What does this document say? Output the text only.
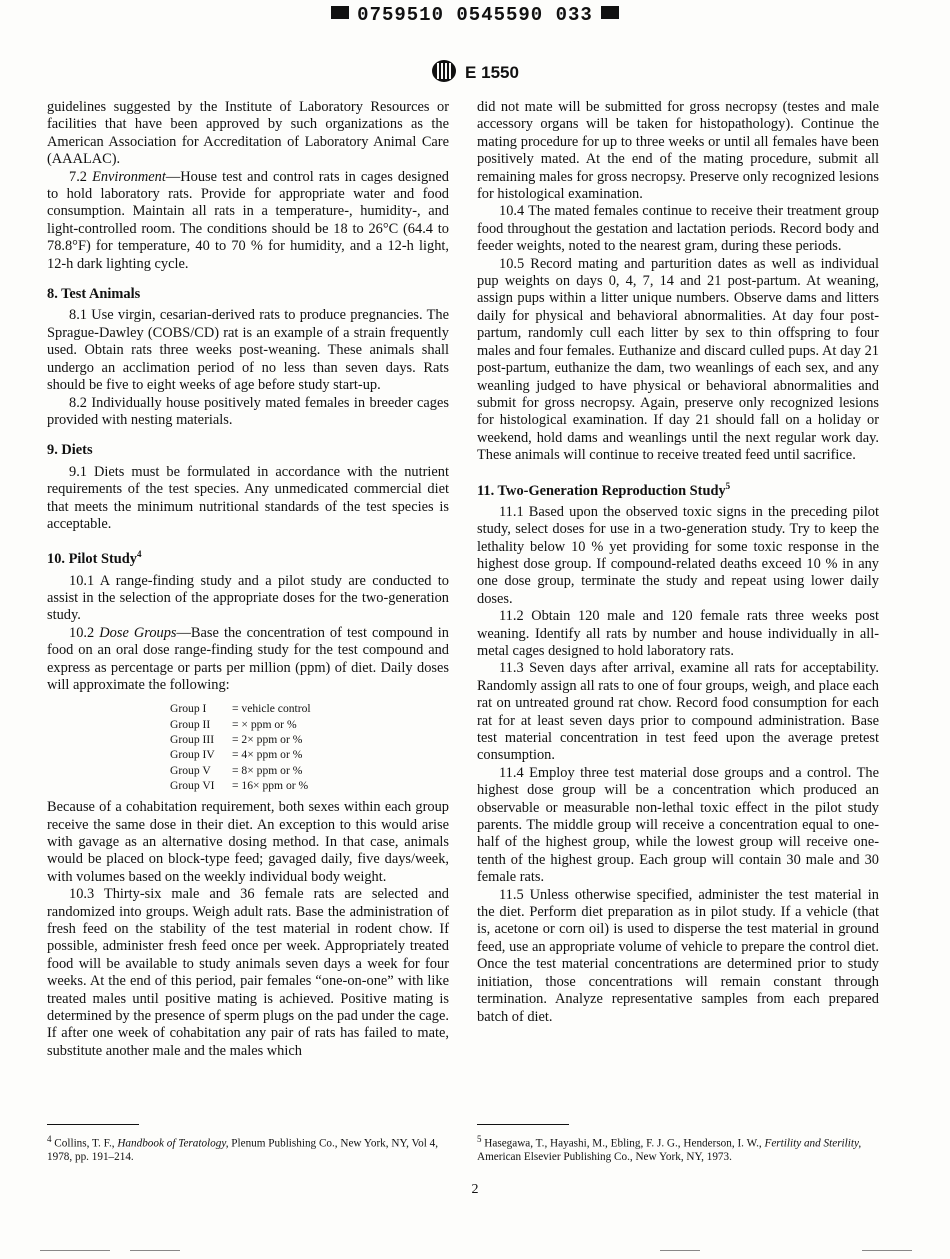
0759510 0545590 033
E 1550

guidelines suggested by the Institute of Laboratory Resources or facilities that have been approved by such organizations as the American Association for Accreditation of Laboratory Animal Care (AAALAC).

7.2 Environment—House test and control rats in cages designed to hold laboratory rats. Provide for appropriate water and food consumption. Maintain all rats in a temperature-, humidity-, and light-controlled room. The conditions should be 18 to 26°C (64.4 to 78.8°F) for temperature, 40 to 70 % for humidity, and a 12-h light, 12-h dark lighting cycle.

8. Test Animals

8.1 Use virgin, cesarian-derived rats to produce pregnancies. The Sprague-Dawley (COBS/CD) rat is an example of a strain frequently used. Obtain rats three weeks post-weaning. These animals shall undergo an acclimation period of no less than seven days. Rats should be five to eight weeks of age before study start-up.

8.2 Individually house positively mated females in breeder cages provided with nesting materials.

9. Diets

9.1 Diets must be formulated in accordance with the nutrient requirements of the test species. Any unmedicated commercial diet that meets the minimum nutritional standards of the test species is acceptable.

10. Pilot Study$^4$

10.1 A range-finding study and a pilot study are conducted to assist in the selection of the appropriate doses for the two-generation study.

10.2 Dose Groups—Base the concentration of test compound in food on an oral dose range-finding study for the test compound and express as percentage or parts per million (ppm) of diet. Daily doses will approximate the following:

Group I	= vehicle control
Group II	= × ppm or %
Group III	= 2× ppm or %
Group IV	= 4× ppm or %
Group V	= 8× ppm or %
Group VI	= 16× ppm or %

Because of a cohabitation requirement, both sexes within each group receive the same dose in their diet. An exception to this would arise with gavage as an alternative dosing method. In that case, animals would be placed on block-type feed; gavaged daily, five days/week, with volumes based on the weekly individual body weight.

10.3 Thirty-six male and 36 female rats are selected and randomized into groups. Weigh adult rats. Base the administration of fresh feed on the stability of the test material in rodent chow. If possible, administer fresh feed once per week. Appropriately treated food will be available to study animals seven days a week for four weeks. At the end of this period, pair females “one-on-one” with like treated males until positive mating is achieved. Positive mating is determined by the presence of sperm plugs on the pad under the cage. If after one week of cohabitation any pair of rats has failed to mate, substitute another male and the males which

did not mate will be submitted for gross necropsy (testes and male accessory organs will be taken for histopathology). Continue the mating procedure for up to three weeks or until all females have been positively mated. At the end of the mating procedure, submit all remaining males for gross necropsy. Preserve only recognized lesions for histological examination.

10.4 The mated females continue to receive their treatment group food throughout the gestation and lactation periods. Record body and feeder weights, noted to the nearest gram, during these periods.

10.5 Record mating and parturition dates as well as individual pup weights on days 0, 4, 7, 14 and 21 post-partum. At weaning, assign pups within a litter unique numbers. Observe dams and litters daily for physical and behavioral abnormalities. At day four post-partum, randomly cull each litter by sex to thin offspring to four males and four females. Euthanize and discard culled pups. At day 21 post-partum, euthanize the dam, two weanlings of each sex, and any weanling judged to have physical or behavioral abnormalities and submit for gross necropsy. Again, preserve only recognized lesions for histological examination. If day 21 should fall on a holiday or weekend, hold dams and weanlings until the next regular work day. These animals will continue to receive treated feed until sacrifice.

11. Two-Generation Reproduction Study$^5$

11.1 Based upon the observed toxic signs in the preceding pilot study, select doses for use in a two-generation study. Try to keep the lethality below 10 % yet providing for some toxic response in the highest dose group. If compound-related deaths exceed 10 % in any one dose group, terminate the study and repeat using lower daily doses.

11.2 Obtain 120 male and 120 female rats three weeks post weaning. Identify all rats by number and house individually in all-metal cages designed to hold laboratory rats.

11.3 Seven days after arrival, examine all rats for acceptability. Randomly assign all rats to one of four groups, weigh, and place each rat on untreated ground rat chow. Record food consumption for each rat for at least seven days prior to compound administration. Base test material concentration in test feed upon the average pretest consumption.

11.4 Employ three test material dose groups and a control. The highest dose group will be a concentration which produced an observable or measurable non-lethal toxic effect in the pilot study parents. The middle group will receive a concentration equal to one-half of the highest group, while the lowest group will receive one-tenth of the highest group. Each group will contain 30 male and 30 female rats.

11.5 Unless otherwise specified, administer the test material in the diet. Perform diet preparation as in pilot study. If a vehicle (that is, acetone or corn oil) is used to disperse the test material in ground feed, use an appropriate volume of vehicle to prepare the control diet. Once the test material concentrations are determined prior to study initiation, those concentrations will remain constant through termination. Analyze representative samples from each prepared batch of diet.

$^4$ Collins, T. F., Handbook of Teratology, Plenum Publishing Co., New York, NY, Vol 4, 1978, pp. 191–214.
$^5$ Hasegawa, T., Hayashi, M., Ebling, F. J. G., Henderson, I. W., Fertility and Sterility, American Elsevier Publishing Co., New York, NY, 1973.
2
